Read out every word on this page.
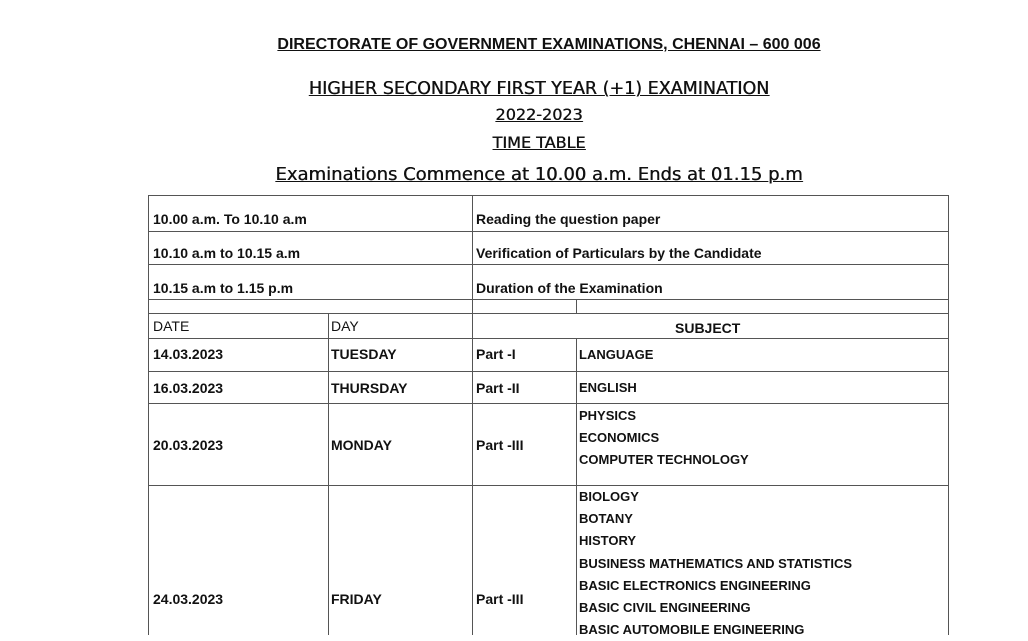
DIRECTORATE OF GOVERNMENT EXAMINATIONS, CHENNAI – 600 006
HIGHER SECONDARY FIRST YEAR (+1) EXAMINATION
2022-2023
TIME TABLE
Examinations Commence at 10.00 a.m. Ends at 01.15 p.m
10.00 a.m. To 10.10 a.m	Reading the question paper
10.10 a.m to 10.15 a.m	Verification of Particulars by the Candidate
10.15 a.m to 1.15 p.m	Duration of the Examination
DATE	DAY	SUBJECT
14.03.2023	TUESDAY	Part -I	LANGUAGE
16.03.2023	THURSDAY	Part -II	ENGLISH
20.03.2023	MONDAY	Part -III
PHYSICS
ECONOMICS
COMPUTER TECHNOLOGY
24.03.2023	FRIDAY	Part -III
BIOLOGY
BOTANY
HISTORY
BUSINESS MATHEMATICS AND STATISTICS
BASIC ELECTRONICS ENGINEERING
BASIC CIVIL ENGINEERING
BASIC AUTOMOBILE ENGINEERING
